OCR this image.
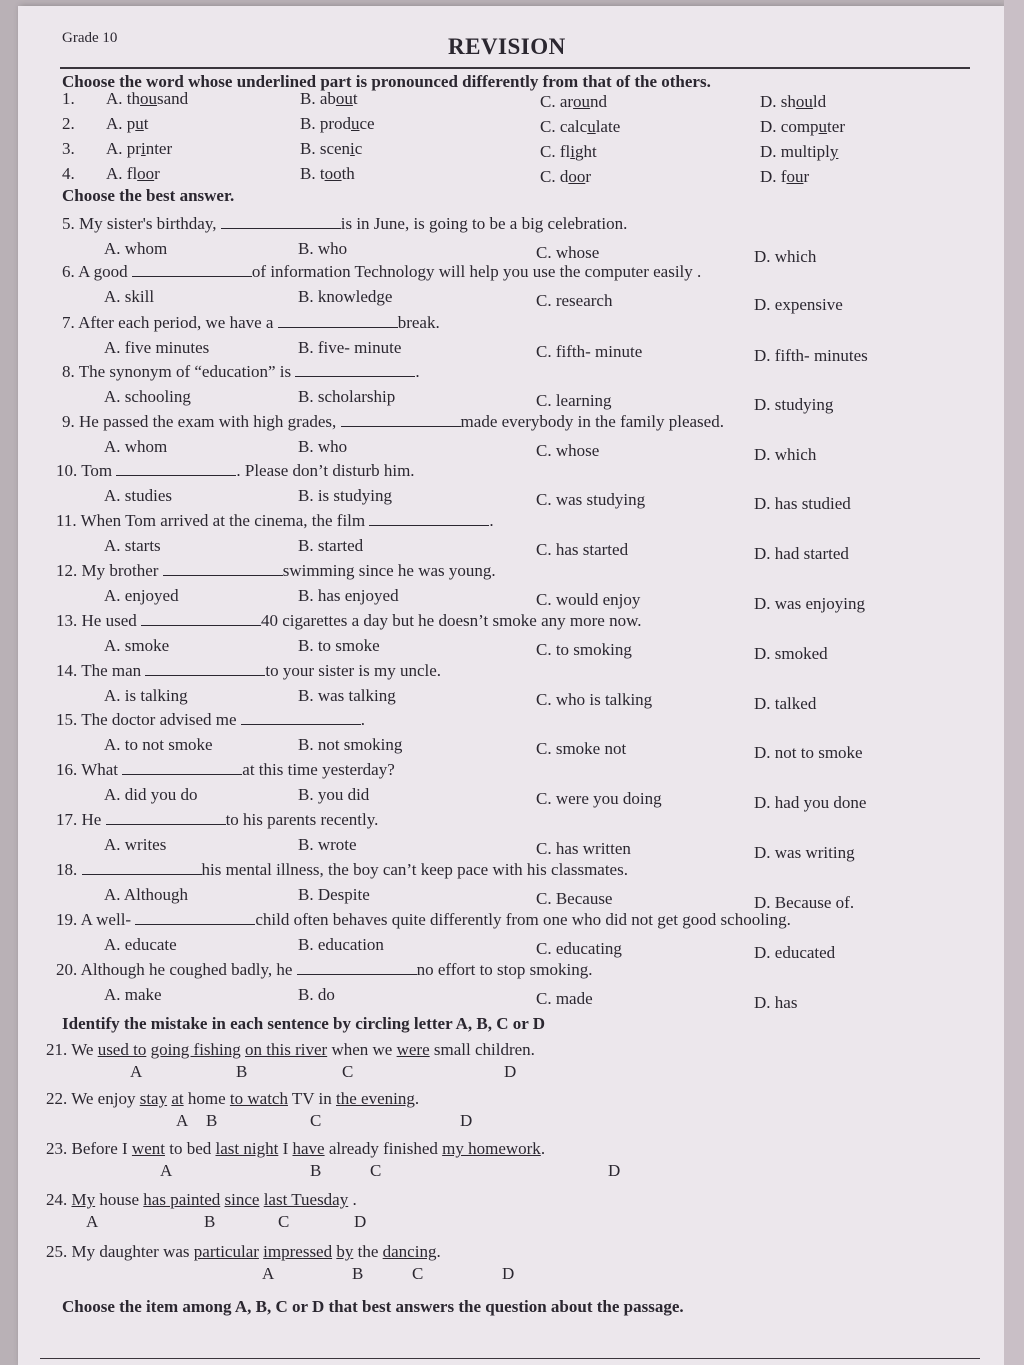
Grade 10	REVISION
Choose the word whose underlined part is pronounced differently from that of the others.
Choose the best answer.
Identify the mistake in each sentence by circling letter A, B, C or D
Choose the item among A, B, C or D that best answers the question about the passage.
1. A. thousand	B. about	C. around	D. should
2. A. put	B. produce	C. calculate	D. computer
3. A. printer	B. scenic	C. flight	D. multiply
4. A. floor	B. tooth	C. door	D. four
5. My sister's birthday,	is in June, is going to be a big celebration.
A. whom	B. who	C. whose	D. which
6. A good	of information Technology will help you use the computer easily .
A. skill	B. knowledge	C. research	D. expensive
7. After each period, we have a	break.
A. five minutes	B. five- minute	C. fifth- minute	D. fifth- minutes
8. The synonym of “education” is	.
A. schooling	B. scholarship	C. learning	D. studying
9. He passed the exam with high grades,	made everybody in the family pleased.
A. whom	B. who	C. whose	D. which
10. Tom	. Please don’t disturb him.
A. studies	B. is studying	C. was studying	D. has studied
11. When Tom arrived at the cinema, the film	.
A. starts	B. started	C. has started	D. had started
12. My brother	swimming since he was young.
A. enjoyed	B. has enjoyed	C. would enjoy	D. was enjoying
13. He used	40 cigarettes a day but he doesn’t smoke any more now.
A. smoke	B. to smoke	C. to smoking	D. smoked
14. The man	to your sister is my uncle.
A. is talking	B. was talking	C. who is talking	D. talked
15. The doctor advised me	.
A. to not smoke	B. not smoking	C. smoke not	D. not to smoke
16. What	at this time yesterday?
A. did you do	B. you did	C. were you doing	D. had you done
17. He	to his parents recently.
A. writes	B. wrote	C. has written	D. was writing
18.	his mental illness, the boy can’t keep pace with his classmates.
A. Although	B. Despite	C. Because	D. Because of.
19. A well-	child often behaves quite differently from one who did not get good schooling.
A. educate	B. education	C. educating	D. educated
20. Although he coughed badly, he	no effort to stop smoking.
A. make	B. do	C. made	D. has
21. We used to going fishing on this river when we were small children.
A	B	C	D
22. We enjoy stay at home to watch TV in the evening.
A B	C	D
23. Before I went to bed last night I have already finished my homework.
A	B	C	D
24. My house has painted since last Tuesday .
A	B	C	D
25. My daughter was particular impressed by the dancing.
A	B	C	D
